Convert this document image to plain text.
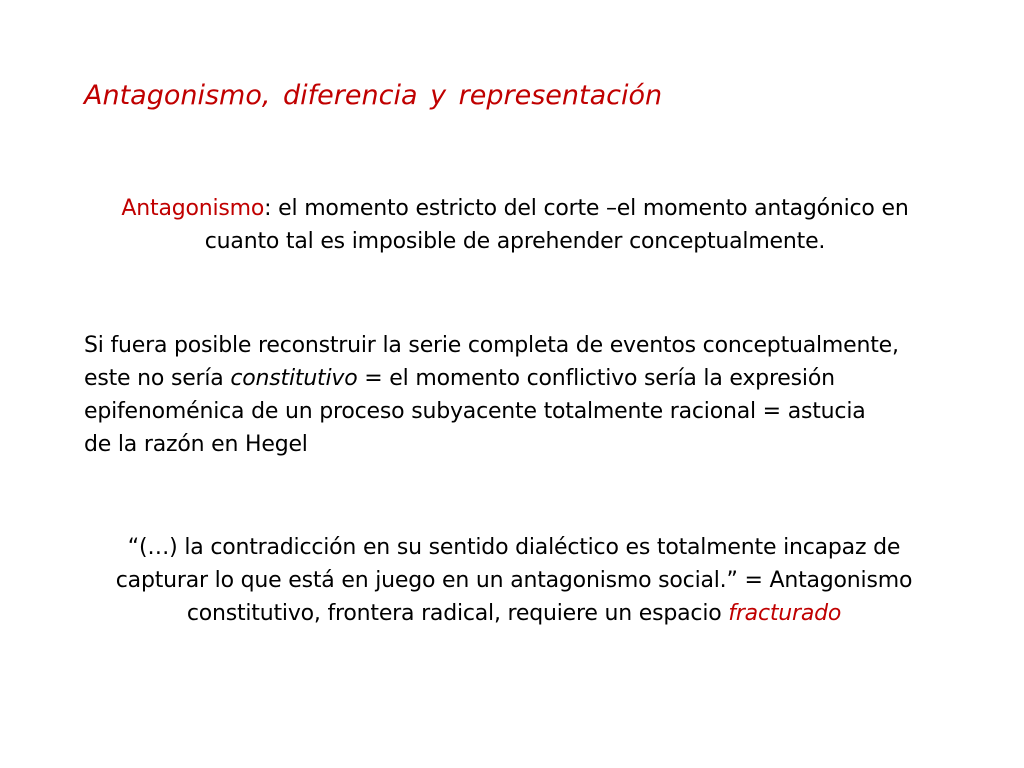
Antagonismo, diferencia y representación
Antagonismo: el momento estricto del corte –el momento antagónico en
cuanto tal es imposible de aprehender conceptualmente.
Si fuera posible reconstruir la serie completa de eventos conceptualmente,
este no sería constitutivo = el momento conflictivo sería la expresión
epifenoménica de un proceso subyacente totalmente racional = astucia
de la razón en Hegel
“(…) la contradicción en su sentido dialéctico es totalmente incapaz de
capturar lo que está en juego en un antagonismo social.” = Antagonismo
constitutivo, frontera radical, requiere un espacio fracturado
